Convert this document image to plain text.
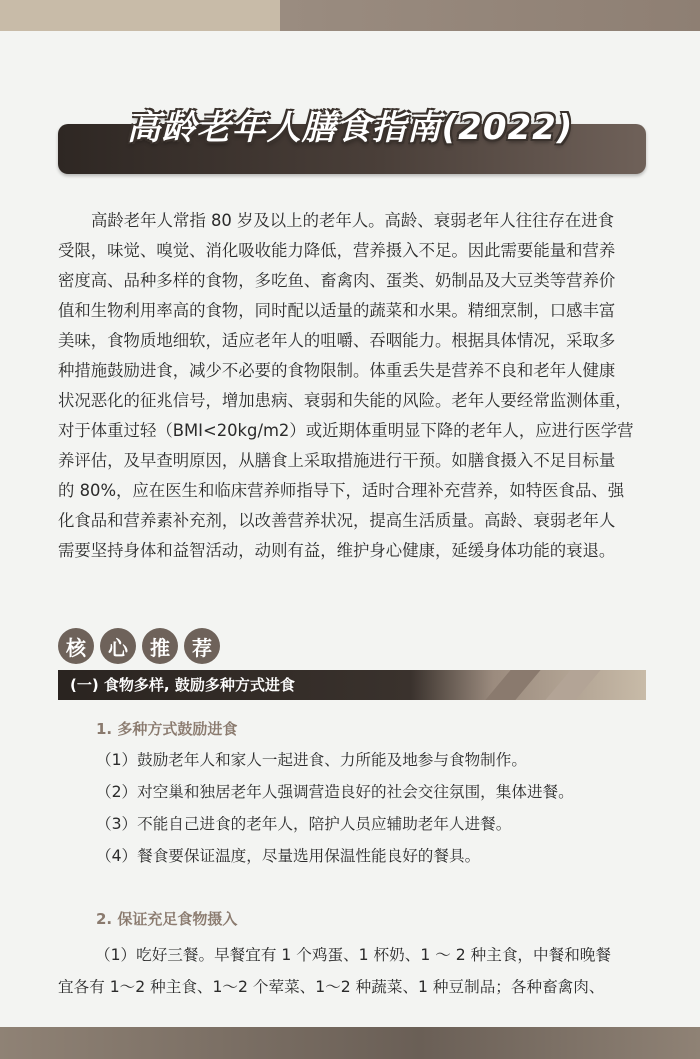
高龄老年人膳食指南(2022)
高龄老年人常指 80 岁及以上的老年人。高龄、衰弱老年人往往存在进食
受限，味觉、嗅觉、消化吸收能力降低，营养摄入不足。因此需要能量和营养
密度高、品种多样的食物，多吃鱼、畜禽肉、蛋类、奶制品及大豆类等营养价
值和生物利用率高的食物，同时配以适量的蔬菜和水果。精细烹制，口感丰富
美味，食物质地细软，适应老年人的咀嚼、吞咽能力。根据具体情况，采取多
种措施鼓励进食，减少不必要的食物限制。体重丢失是营养不良和老年人健康
状况恶化的征兆信号，增加患病、衰弱和失能的风险。老年人要经常监测体重，
对于体重过轻（BMI<20kg/m2）或近期体重明显下降的老年人，应进行医学营
养评估，及早查明原因，从膳食上采取措施进行干预。如膳食摄入不足目标量
的 80%，应在医生和临床营养师指导下，适时合理补充营养，如特医食品、强
化食品和营养素补充剂，以改善营养状况，提高生活质量。高龄、衰弱老年人
需要坚持身体和益智活动，动则有益，维护身心健康，延缓身体功能的衰退。
核	心	推	荐
(一) 食物多样, 鼓励多种方式进食
1. 多种方式鼓励进食
（1）鼓励老年人和家人一起进食、力所能及地参与食物制作。
（2）对空巢和独居老年人强调营造良好的社会交往氛围，集体进餐。
（3）不能自己进食的老年人，陪护人员应辅助老年人进餐。
（4）餐食要保证温度，尽量选用保温性能良好的餐具。
2. 保证充足食物摄入
（1）吃好三餐。早餐宜有 1 个鸡蛋、1 杯奶、1 ～ 2 种主食，中餐和晚餐
宜各有 1～2 种主食、1～2 个荤菜、1～2 种蔬菜、1 种豆制品；各种畜禽肉、
